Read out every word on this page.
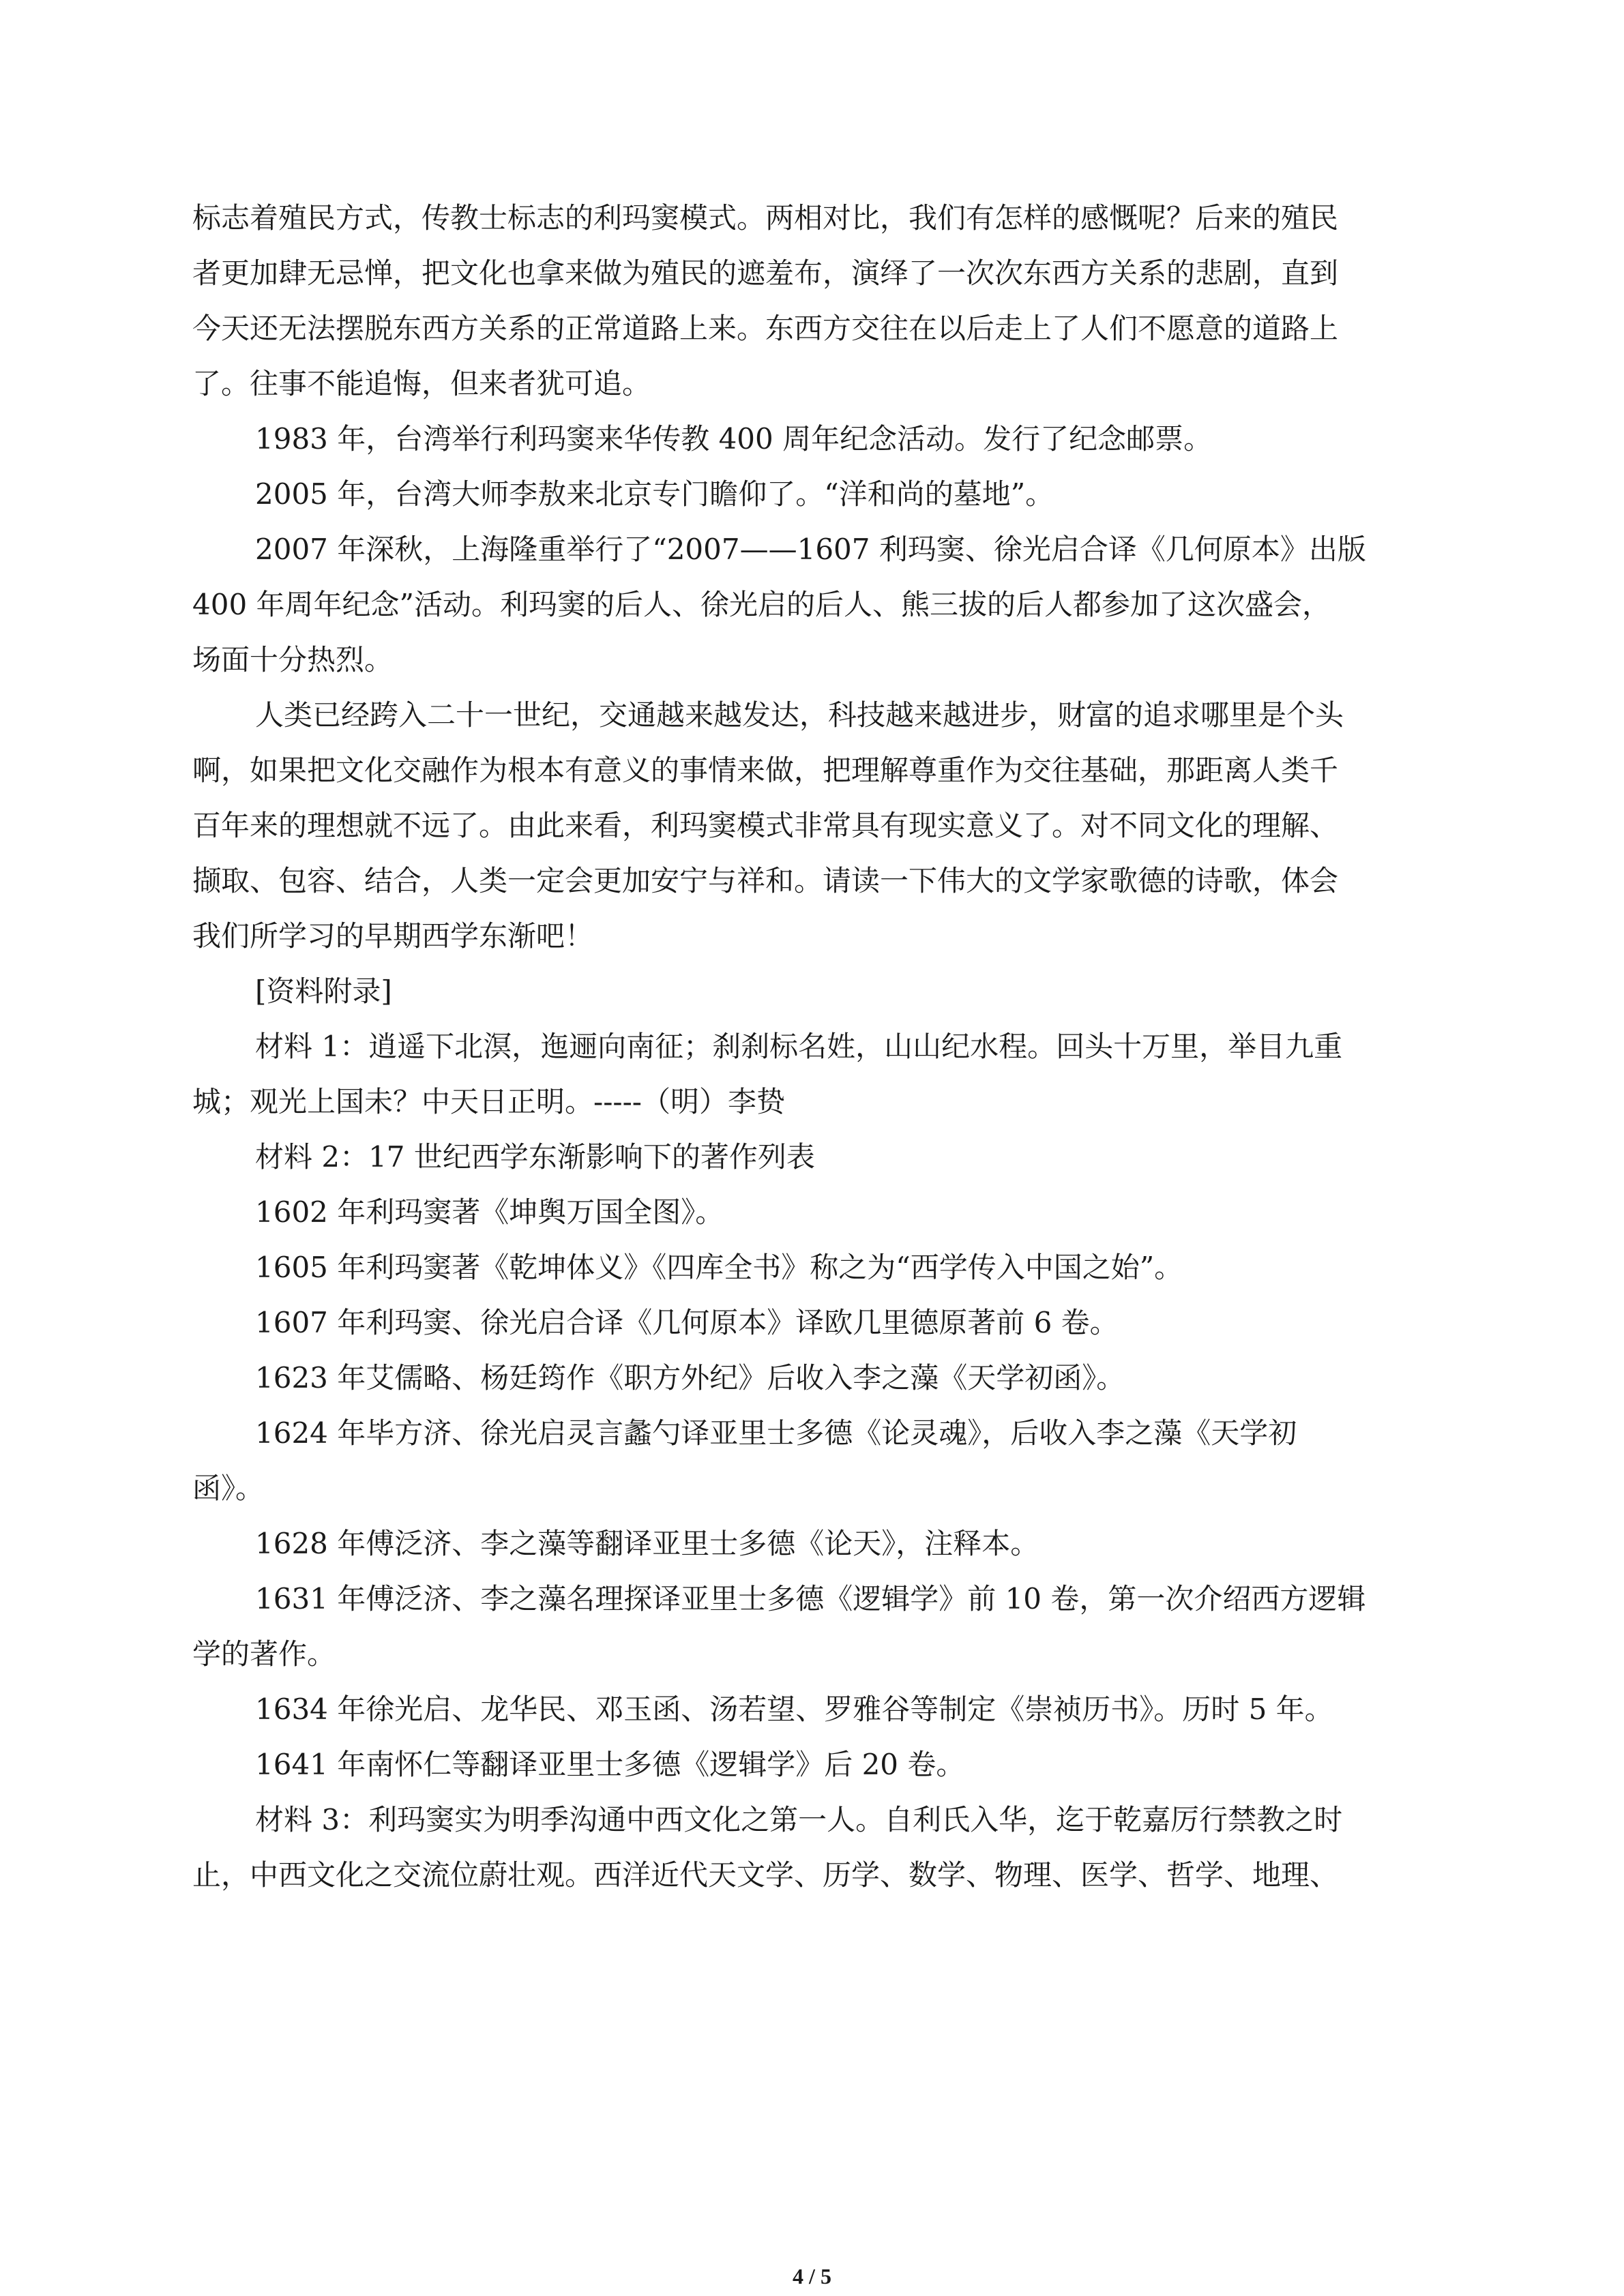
标志着殖民方式，传教士标志的利玛窦模式。两相对比，我们有怎样的感慨呢？后来的殖民
者更加肆无忌惮，把文化也拿来做为殖民的遮羞布，演绎了一次次东西方关系的悲剧，直到
今天还无法摆脱东西方关系的正常道路上来。东西方交往在以后走上了人们不愿意的道路上
了。往事不能追悔，但来者犹可追。
1983 年，台湾举行利玛窦来华传教 400 周年纪念活动。发行了纪念邮票。
2005 年，台湾大师李敖来北京专门瞻仰了。“洋和尚的墓地”。
2007 年深秋，上海隆重举行了“2007——1607 利玛窦、徐光启合译《几何原本》出版
400 年周年纪念”活动。利玛窦的后人、徐光启的后人、熊三拔的后人都参加了这次盛会，
场面十分热烈。
人类已经跨入二十一世纪，交通越来越发达，科技越来越进步，财富的追求哪里是个头
啊，如果把文化交融作为根本有意义的事情来做，把理解尊重作为交往基础，那距离人类千
百年来的理想就不远了。由此来看，利玛窦模式非常具有现实意义了。对不同文化的理解、
撷取、包容、结合，人类一定会更加安宁与祥和。请读一下伟大的文学家歌德的诗歌，体会
我们所学习的早期西学东渐吧！
[资料附录]
材料 1：逍遥下北溟，迤逦向南征；刹刹标名姓，山山纪水程。回头十万里，举目九重
城；观光上国未？中天日正明。-----（明）李贽
材料 2：17 世纪西学东渐影响下的著作列表
1602 年利玛窦著《坤舆万国全图》。
1605 年利玛窦著《乾坤体义》《四库全书》称之为“西学传入中国之始”。
1607 年利玛窦、徐光启合译《几何原本》译欧几里德原著前 6 卷。
1623 年艾儒略、杨廷筠作《职方外纪》后收入李之藻《天学初函》。
1624 年毕方济、徐光启灵言蠡勺译亚里士多德《论灵魂》，后收入李之藻《天学初
函》。
1628 年傅泛济、李之藻等翻译亚里士多德《论天》，注释本。
1631 年傅泛济、李之藻名理探译亚里士多德《逻辑学》前 10 卷，第一次介绍西方逻辑
学的著作。
1634 年徐光启、龙华民、邓玉函、汤若望、罗雅谷等制定《崇祯历书》。历时 5 年。
1641 年南怀仁等翻译亚里士多德《逻辑学》后 20 卷。
材料 3：利玛窦实为明季沟通中西文化之第一人。自利氏入华，迄于乾嘉厉行禁教之时
止，中西文化之交流位蔚壮观。西洋近代天文学、历学、数学、物理、医学、哲学、地理、
4 / 5
